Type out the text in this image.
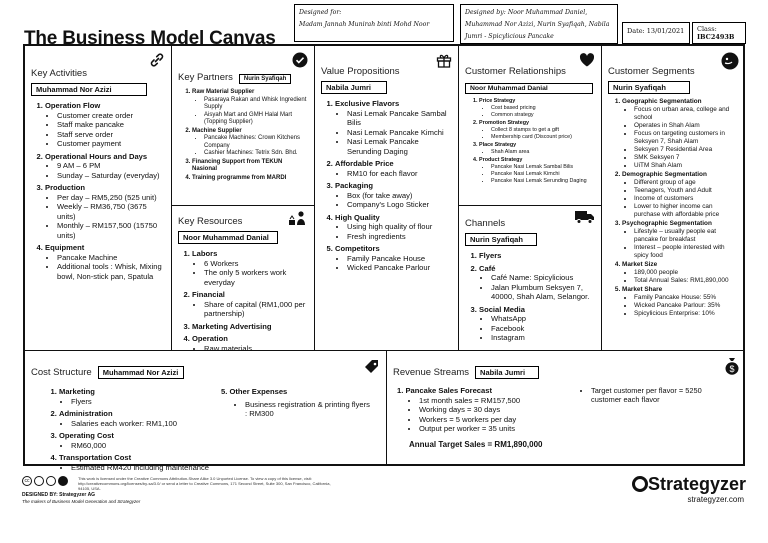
The Business Model Canvas
Designed for:
Madam Jannah Munirah binti Mohd Noor
Designed by: Noor Muhammad Daniel, Muhammad Nor Azizi, Nurin Syafiqah, Nabila Jumri - Spicylicious Pancake
Date: 13/01/2021 Class:
IBC2493B
Key Activities
Muhammad Nor Azizi
1. Operation Flow
• Customer create order
• Staff make pancake
• Staff serve order
• Customer payment
2. Operational Hours and Days
• 9 AM – 6 PM
• Sunday – Saturday (everyday)
3. Production
• Per day – RM5,250 (525 unit)
• Weekly – RM36,750 (3675 units)
• Monthly – RM157,500 (15750 units)
4. Equipment
• Pancake Machine
• Additional tools : Whisk, Mixing bowl, Non-stick pan, Spatula
Key Partners Nurin Syafiqah
1. Raw Material Supplier
• Pasaraya Rakan and Whisk Ingredient Supply
• Aisyah Mart and GMH Halal Mart (Topping Supplier)
2. Machine Supplier
• Pancake Machines: Crown Kitchens Company
• Cashier Machines: Tetrix Sdn. Bhd.
3. Financing Support from TEKUN Nasional
4. Training programme from MARDI
Key Resources
Noor Muhammad Danial
1. Labors
• 6 Workers
• The only 5 workers work everyday
2. Financial
• Share of capital (RM1,000 per partnership)
3. Marketing Advertising
4. Operation
• Raw materials
Value Propositions
Nabila Jumri
1. Exclusive Flavors
• Nasi Lemak Pancake Sambal Bilis
• Nasi Lemak Pancake Kimchi
• Nasi Lemak Pancake Serunding Daging
2. Affordable Price
• RM10 for each flavor
3. Packaging
• Box (for take away)
• Company's Logo Sticker
4. High Quality
• Using high quality of flour
• Fresh ingredients
5. Competitors
• Family Pancake House
• Wicked Pancake Parlour
Customer Relationships
Noor Muhammad Danial
1. Price Strategy
• Cost based pricing
• Common strategy
2. Promotion Strategy
• Collect 8 stamps to get a gift
• Membership card (Discount price)
3. Place Strategy
• Shah Alam area
4. Product Strategy
• Pancake Nasi Lemak Sambal Bilis
• Pancake Nasi Lemak Kimchi
• Pancake Nasi Lemak Serunding Daging
Channels
Nurin Syafiqah
1. Flyers
2. Café
• Café Name: Spicylicious
• Jalan Plumbum Seksyen 7, 40000, Shah Alam, Selangor.
3. Social Media
• WhatsApp
• Facebook
• Instagram
Customer Segments
Nurin Syafiqah
1. Geographic Segmentation
• Focus on urban area, college and school
• Operates in Shah Alam
• Focus on targeting customers in Seksyen 7, Shah Alam
• Seksyen 7 Residential Area
• SMK Seksyen 7
• UiTM Shah Alam
2. Demographic Segmentation
• Different group of age
• Teenagers, Youth and Adult
• Income of customers
• Lower to higher income can purchase with affordable price
3. Psychographic Segmentation
• Lifestyle – usually people eat pancake for breakfast
• Interest – people interested with spicy food
4. Market Size
• 189,000 people
• Total Annual Sales: RM1,890,000
5. Market Share
• Family Pancake House: 55%
• Wicked Pancake Parlour: 35%
• Spicylicious Enterprise: 10%
Cost Structure Muhammad Nor Azizi
1. Marketing
• Flyers
2. Administration
• Salaries each worker: RM1,100
3. Operating Cost
• RM60,000
4. Transportation Cost
• Estimated RM420 including maintenance
5. Other Expenses
• Business registration & printing flyers : RM300
$
Revenue Streams Nabila Jumri
1. Pancake Sales Forecast
• 1st month sales = RM157,500
• Working days = 30 days
• Workers = 5 workers per day
• Output per worker = 35 units
Annual Target Sales = RM1,890,000
• Target customer per flavor = 5250 customer each flavor
cc	This work is licensed under the Creative Commons Attribution-Share Alike 3.0 Unported License. To view a copy of this license, visit: http://creativecommons.org/licenses/by-sa/3.0/ or send a letter to Creative Commons, 171 Second Street, Suite 300, San Francisco, California, 94105, USA.
DESIGNED BY: Strategyzer AG
The makers of Business Model Generation and Strategyzer
Strategyzer
strategyzer.com
